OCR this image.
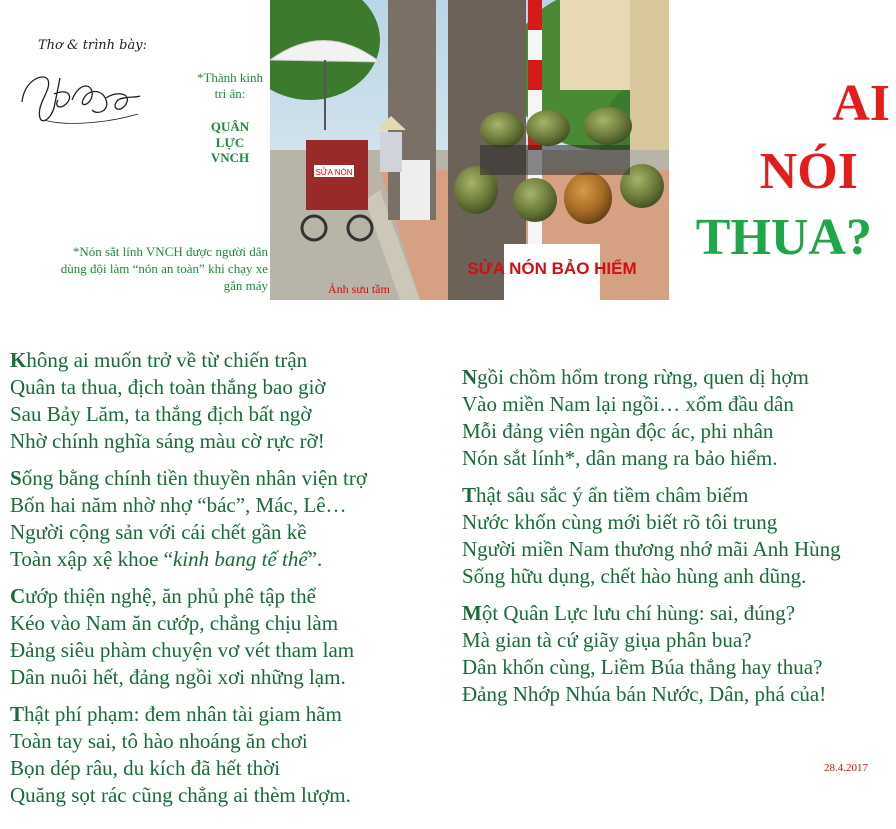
Thơ & trình bày:
*Thành kinh tri ân:
QUÂN LỰC VNCH
*Nón sắt lính VNCH được người dân dùng đội làm “nón an toàn” khi chạy xe gắn máy
SỬA NÓN
SỬA NÓN BẢO HIỂM
Ảnh sưu tầm
AI
NÓI
THUA?
Không ai muốn trở về từ chiến trận
Quân ta thua, địch toàn thắng bao giờ
Sau Bảy Lăm, ta thắng địch bất ngờ
Nhờ chính nghĩa sáng màu cờ rực rỡ!
Sống bằng chính tiền thuyền nhân viện trợ
Bốn hai năm nhờ nhợ “bác”, Mác, Lê…
Người cộng sản với cái chết gần kề
Toàn xập xệ khoe “kinh bang tế thế”.
Cướp thiện nghệ, ăn phủ phê tập thể
Kéo vào Nam ăn cướp, chẳng chịu làm
Đảng siêu phàm chuyện vơ vét tham lam
Dân nuôi hết, đảng ngồi xơi những lạm.
Thật phí phạm: đem nhân tài giam hãm
Toàn tay sai, tô hào nhoáng ăn chơi
Bọn dép râu, du kích đã hết thời
Quăng sọt rác cũng chẳng ai thèm lượm.
Ngồi chồm hổm trong rừng, quen dị hợm
Vào miền Nam lại ngồi… xổm đầu dân
Mỗi đảng viên ngàn độc ác, phi nhân
Nón sắt lính*, dân mang ra bảo hiểm.
Thật sâu sắc ý ẩn tiềm châm biếm
Nước khốn cùng mới biết rõ tôi trung
Người miền Nam thương nhớ mãi Anh Hùng
Sống hữu dụng, chết hào hùng anh dũng.
Một Quân Lực lưu chí hùng: sai, đúng?
Mà gian tà cứ giãy giụa phân bua?
Dân khốn cùng, Liềm Búa thắng hay thua?
Đảng Nhớp Nhúa bán Nước, Dân, phá của!
28.4.2017
